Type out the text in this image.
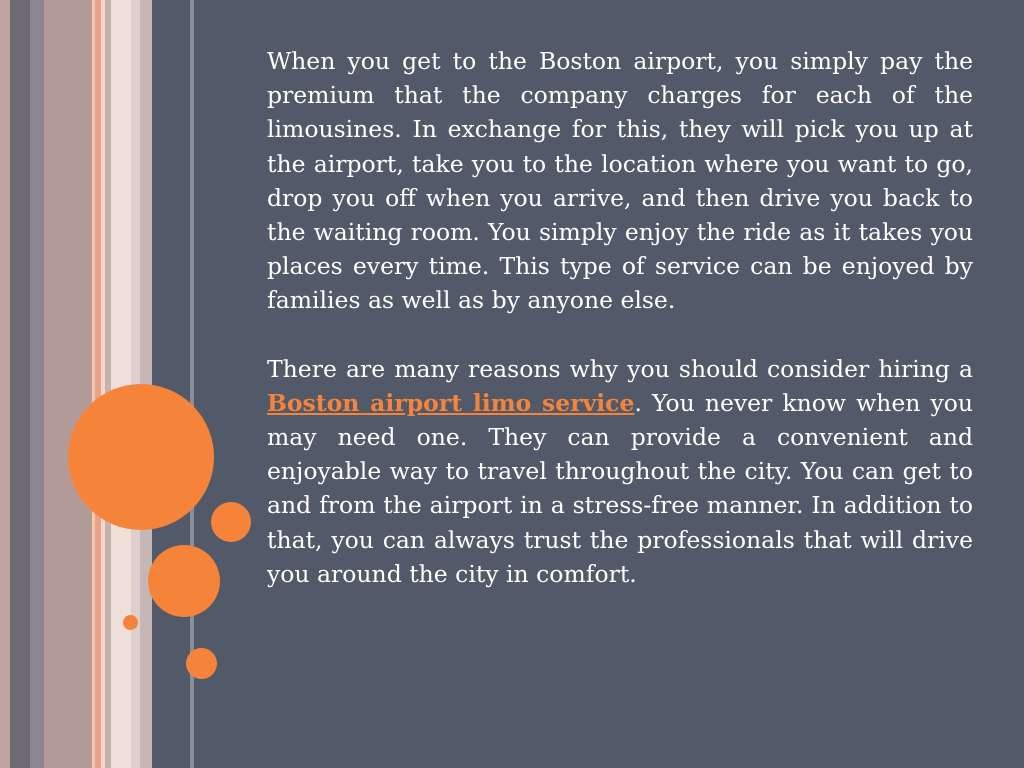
When you get to the Boston airport, you simply pay the premium that the company charges for each of the limousines. In exchange for this, they will pick you up at the airport, take you to the location where you want to go, drop you off when you arrive, and then drive you back to the waiting room. You simply enjoy the ride as it takes you places every time. This type of service can be enjoyed by families as well as by anyone else.

There are many reasons why you should consider hiring a Boston airport limo service. You never know when you may need one. They can provide a convenient and enjoyable way to travel throughout the city. You can get to and from the airport in a stress-free manner. In addition to that, you can always trust the professionals that will drive you around the city in comfort.
